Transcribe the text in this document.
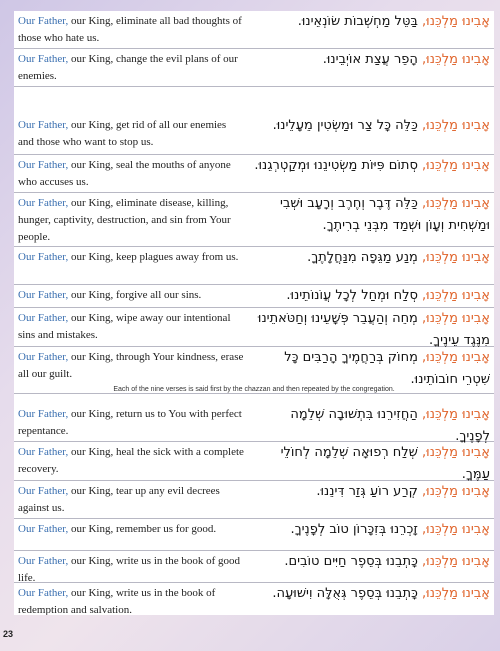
Our Father, our King, eliminate all bad thoughts of those who hate us.
אָבִינוּ מַלְכֵּנוּ, בַּטֵּל מַחְשְׁבוֹת שׂוֹנְאֵינוּ.
Our Father, our King, change the evil plans of our enemies.
אָבִינוּ מַלְכֵּנוּ, הָפֵר עֲצַת אוֹיְבֵינוּ.
Our Father, our King, get rid of all our enemies and those who want to stop us.
אָבִינוּ מַלְכֵּנוּ, כַּלֵּה כָּל צַר וּמַשְׂטִין מֵעָלֵינוּ.
Our Father, our King, seal the mouths of anyone who accuses us.
אָבִינוּ מַלְכֵּנוּ, סְתוֹם פִּיּוֹת מַשְׂטִינֵנוּ וּמְקַטְרְגֵנוּ.
Our Father, our King, eliminate disease, killing, hunger, captivity, destruction, and sin from Your people.
אָבִינוּ מַלְכֵּנוּ, כַּלֵּה דֶּבֶר וְחֶרֶב וְרָעָב וּשְׁבִי וּמַשְׁחִית וְעָוֹן וּשְׁמַד מִבְּנֵי בְרִיתֶךָ.
Our Father, our King, keep plagues away from us.	אָבִינוּ מַלְכֵּנוּ, מְנַע מַגֵּפָה מִנַּחֲלָתֶךָ.
Our Father, our King, forgive all our sins.	אָבִינוּ מַלְכֵּנוּ, סְלַח וּמְחַל לְכָל עֲוֹנוֹתֵינוּ.
Our Father, our King, wipe away our intentional sins and mistakes.
אָבִינוּ מַלְכֵּנוּ, מְחֵה וְהַעֲבֵר פְּשָׁעֵינוּ וְחַטֹּאתֵינוּ מִנֶּגֶד עֵינֶיךָ.
Our Father, our King, through Your kindness, erase all our guilt.
אָבִינוּ מַלְכֵּנוּ, מְחוֹק בְּרַחֲמֶיךָ הָרַבִּים כָּל שִׁטְרֵי חוֹבוֹתֵינוּ.
Each of the nine verses is said first by the chazzan and then repeated by the congregation.
Our Father, our King, return us to You with perfect repentance.
אָבִינוּ מַלְכֵּנוּ, הַחֲזִירֵנוּ בִּתְשׁוּבָה שְׁלֵמָה לְפָנֶיךָ.
Our Father, our King, heal the sick with a complete recovery.
אָבִינוּ מַלְכֵּנוּ, שְׁלַח רְפוּאָה שְׁלֵמָה לְחוֹלֵי עַמֶּךָ.
Our Father, our King, tear up any evil decrees against us.
אָבִינוּ מַלְכֵּנוּ, קְרַע רוֹעַ גְּזַר דִּינֵנוּ.
Our Father, our King, remember us for good.	אָבִינוּ מַלְכֵּנוּ, זָכְרֵנוּ בְּזִכָּרוֹן טוֹב לְפָנֶיךָ.
Our Father, our King, write us in the book of good life.
אָבִינוּ מַלְכֵּנוּ, כָּתְבֵנוּ בְּסֵפֶר חַיִּים טוֹבִים.
Our Father, our King, write us in the book of redemption and salvation.
אָבִינוּ מַלְכֵּנוּ, כָּתְבֵנוּ בְּסֵפֶר גְּאֻלָּה וִישׁוּעָה.
23
